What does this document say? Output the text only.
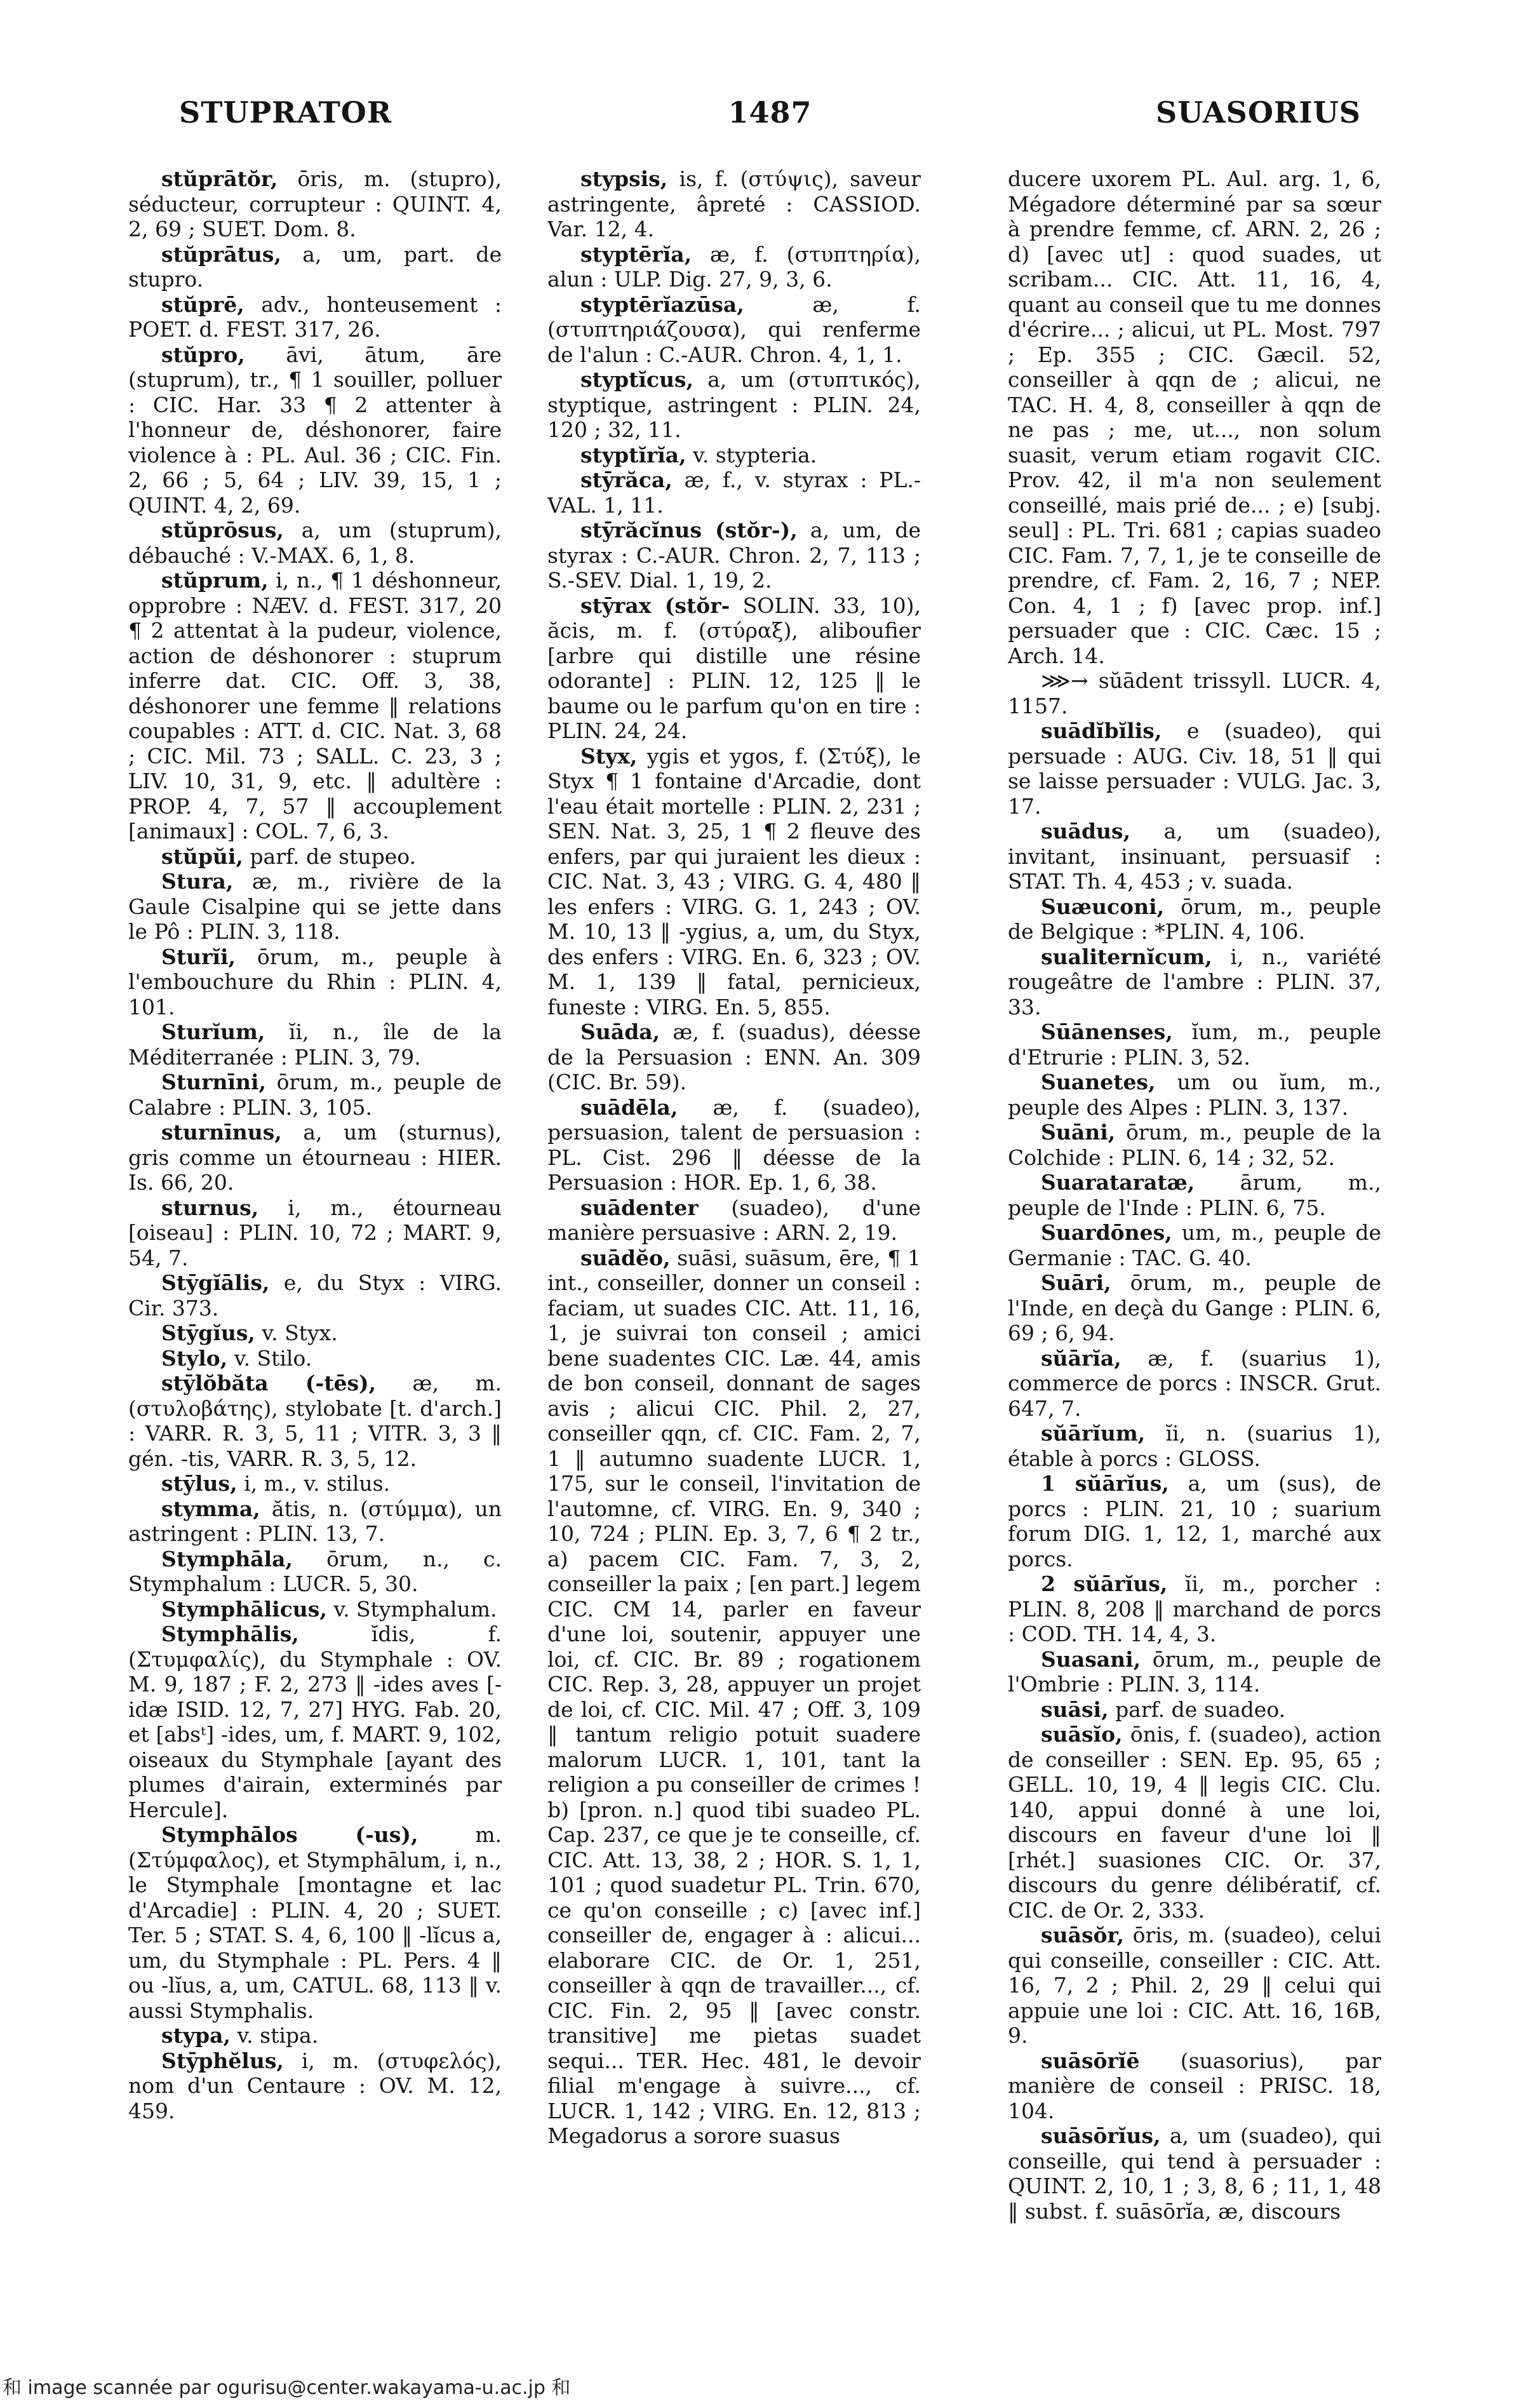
STUPRATOR	1487	SUASORIUS

stŭprātŏr, ōris, m. (stupro), séducteur, corrupteur : QUINT. 4, 2, 69 ; SUET. Dom. 8.

stŭprātus, a, um, part. de stupro.

stŭprē, adv., honteusement : POET. d. FEST. 317, 26.

stŭpro, āvi, ātum, āre (stuprum), tr., ¶ 1 souiller, polluer : CIC. Har. 33 ¶ 2 attenter à l'honneur de, déshonorer, faire violence à : PL. Aul. 36 ; CIC. Fin. 2, 66 ; 5, 64 ; LIV. 39, 15, 1 ; QUINT. 4, 2, 69.

stŭprōsus, a, um (stuprum), débauché : V.-MAX. 6, 1, 8.

stŭprum, i, n., ¶ 1 déshonneur, opprobre : NÆV. d. FEST. 317, 20 ¶ 2 attentat à la pudeur, violence, action de déshonorer : stuprum inferre dat. CIC. Off. 3, 38, déshonorer une femme ‖ relations coupables : ATT. d. CIC. Nat. 3, 68 ; CIC. Mil. 73 ; SALL. C. 23, 3 ; LIV. 10, 31, 9, etc. ‖ adultère : PROP. 4, 7, 57 ‖ accouplement [animaux] : COL. 7, 6, 3.

stŭpŭi, parf. de stupeo.

Stura, æ, m., rivière de la Gaule Cisalpine qui se jette dans le Pô : PLIN. 3, 118.

Sturĭi, ōrum, m., peuple à l'embouchure du Rhin : PLIN. 4, 101.

Sturĭum, ĭi, n., île de la Méditerranée : PLIN. 3, 79.

Sturnīni, ōrum, m., peuple de Calabre : PLIN. 3, 105.

sturnīnus, a, um (sturnus), gris comme un étourneau : HIER. Is. 66, 20.

sturnus, i, m., étourneau [oiseau] : PLIN. 10, 72 ; MART. 9, 54, 7.

Stȳgĭālis, e, du Styx : VIRG. Cir. 373.

Stȳgĭus, v. Styx.

Stylo, v. Stilo.

stȳlŏbăta (-tēs), æ, m. (στυλοβάτης), stylobate [t. d'arch.] : VARR. R. 3, 5, 11 ; VITR. 3, 3 ‖ gén. -tis, VARR. R. 3, 5, 12.

stȳlus, i, m., v. stilus.

stymma, ătis, n. (στύμμα), un astringent : PLIN. 13, 7.

Stymphāla, ōrum, n., c. Stymphalum : LUCR. 5, 30.

Stymphālicus, v. Stymphalum.

Stymphālis,	ĭdis, f. (Στυμφαλίς), du Stymphale : OV. M. 9, 187 ; F. 2, 273 ‖ -ides aves [-idæ ISID. 12, 7, 27] HYG. Fab. 20, et [absᵗ] -ides, um, f. MART. 9, 102, oiseaux du Stymphale [ayant des plumes d'airain, exterminés par Hercule].

Stymphālos (-us),	m. (Στύμφαλος), et Stymphālum, i, n., le Stymphale [montagne et lac d'Arcadie] : PLIN. 4, 20 ; SUET. Ter. 5 ; STAT. S. 4, 6, 100 ‖ -lĭcus a, um, du Stymphale : PL. Pers. 4 ‖ ou -lĭus, a, um, CATUL. 68, 113 ‖ v. aussi Stymphalis.

stypa, v. stipa.

Stȳphĕlus, i, m. (στυφελός), nom d'un Centaure : OV. M. 12, 459.

stypsis, is, f. (στύψις), saveur astringente, âpreté : CASSIOD. Var. 12, 4.

styptērĭa, æ, f. (στυπτηρία), alun : ULP. Dig. 27, 9, 3, 6.

styptērĭazūsa,	æ, f. (στυπτηριάζουσα), qui renferme de l'alun : C.-AUR. Chron. 4, 1, 1.

styptĭcus, a, um (στυπτικός), styptique, astringent : PLIN. 24, 120 ; 32, 11.

styptĭrĭa, v. stypteria.

stȳrăca, æ, f., v. styrax : PL.-VAL. 1, 11.

stȳrăcĭnus (stŏr-), a, um, de styrax : C.-AUR. Chron. 2, 7, 113 ; S.-SEV. Dial. 1, 19, 2.

stȳrax (stŏr- SOLIN. 33, 10), ăcis, m. f. (στύραξ), aliboufier [arbre qui distille une résine odorante] : PLIN. 12, 125 ‖ le baume ou le parfum qu'on en tire : PLIN. 24, 24.

Styx, ygis et ygos, f. (Στύξ), le Styx ¶ 1 fontaine d'Arcadie, dont l'eau était mortelle : PLIN. 2, 231 ; SEN. Nat. 3, 25, 1 ¶ 2 fleuve des enfers, par qui juraient les dieux : CIC. Nat. 3, 43 ; VIRG. G. 4, 480 ‖ les enfers : VIRG. G. 1, 243 ; OV. M. 10, 13 ‖ -ygius, a, um, du Styx, des enfers : VIRG. En. 6, 323 ; OV. M. 1, 139 ‖ fatal, pernicieux, funeste : VIRG. En. 5, 855.

Suāda, æ, f. (suadus), déesse de la Persuasion : ENN. An. 309 (CIC. Br. 59).

suādēla, æ, f. (suadeo), persuasion, talent de persuasion : PL. Cist. 296 ‖ déesse de la Persuasion : HOR. Ep. 1, 6, 38.

suādenter (suadeo), d'une manière persuasive : ARN. 2, 19.

suādĕo, suāsi, suāsum, ēre, ¶ 1 int., conseiller, donner un conseil : faciam, ut suades CIC. Att. 11, 16, 1, je suivrai ton conseil ; amici bene suadentes CIC. Læ. 44, amis de bon conseil, donnant de sages avis ; alicui CIC. Phil. 2, 27, conseiller qqn, cf. CIC. Fam. 2, 7, 1 ‖ autumno suadente LUCR. 1, 175, sur le conseil, l'invitation de l'automne, cf. VIRG. En. 9, 340 ; 10, 724 ; PLIN. Ep. 3, 7, 6 ¶ 2 tr., a) pacem CIC. Fam. 7, 3, 2, conseiller la paix ; [en part.] legem CIC. CM 14, parler en faveur d'une loi, soutenir, appuyer une loi, cf. CIC. Br. 89 ; rogationem CIC. Rep. 3, 28, appuyer un projet de loi, cf. CIC. Mil. 47 ; Off. 3, 109 ‖ tantum religio potuit suadere malorum LUCR. 1, 101, tant la religion a pu conseiller de crimes ! b) [pron. n.] quod tibi suadeo PL. Cap. 237, ce que je te conseille, cf. CIC. Att. 13, 38, 2 ; HOR. S. 1, 1, 101 ; quod suadetur PL. Trin. 670, ce qu'on conseille ; c) [avec inf.] conseiller de, engager à : alicui... elaborare CIC. de Or. 1, 251, conseiller à qqn de travailler..., cf. CIC. Fin. 2, 95 ‖ [avec constr. transitive] me pietas suadet sequi... TER. Hec. 481, le devoir filial m'engage à suivre..., cf. LUCR. 1, 142 ; VIRG. En. 12, 813 ; Megadorus a sorore suasus

ducere uxorem PL. Aul. arg. 1, 6, Mégadore déterminé par sa sœur à prendre femme, cf. ARN. 2, 26 ; d) [avec ut] : quod suades, ut scribam... CIC. Att. 11, 16, 4, quant au conseil que tu me donnes d'écrire... ; alicui, ut PL. Most. 797 ; Ep. 355 ; CIC. Gæcil. 52, conseiller à qqn de ; alicui, ne TAC. H. 4, 8, conseiller à qqn de ne pas ; me, ut..., non solum suasit, verum etiam rogavit CIC. Prov. 42, il m'a non seulement conseillé, mais prié de... ; e) [subj. seul] : PL. Tri. 681 ; capias suadeo CIC. Fam. 7, 7, 1, je te conseille de prendre, cf. Fam. 2, 16, 7 ; NEP. Con. 4, 1 ; f) [avec prop. inf.] persuader que : CIC. Cæc. 15 ; Arch. 14.

⋙→ sŭādent trissyll. LUCR. 4, 1157.

suādĭbĭlis, e (suadeo), qui persuade : AUG. Civ. 18, 51 ‖ qui se laisse persuader : VULG. Jac. 3, 17.

suādus, a, um (suadeo), invitant, insinuant, persuasif : STAT. Th. 4, 453 ; v. suada.

Suæuconi, ōrum, m., peuple de Belgique : *PLIN. 4, 106.

sualiternĭcum, i, n., variété rougeâtre de l'ambre : PLIN. 37, 33.

Sūānenses, ĭum, m., peuple d'Etrurie : PLIN. 3, 52.

Suanetes, um ou ĭum, m., peuple des Alpes : PLIN. 3, 137.

Suāni, ōrum, m., peuple de la Colchide : PLIN. 6, 14 ; 32, 52.

Suarataratæ, ārum, m., peuple de l'Inde : PLIN. 6, 75.

Suardōnes, um, m., peuple de Germanie : TAC. G. 40.

Suāri, ōrum, m., peuple de l'Inde, en deçà du Gange : PLIN. 6, 69 ; 6, 94.

sŭārĭa, æ, f. (suarius 1), commerce de porcs : INSCR. Grut. 647, 7.

sŭārĭum, ĭi, n. (suarius 1), étable à porcs : GLOSS.

1 sŭārĭus, a, um (sus), de porcs : PLIN. 21, 10 ; suarium forum DIG. 1, 12, 1, marché aux porcs.

2 sŭārĭus, ĭi, m., porcher : PLIN. 8, 208 ‖ marchand de porcs : COD. TH. 14, 4, 3.

Suasani, ōrum, m., peuple de l'Ombrie : PLIN. 3, 114.

suāsi, parf. de suadeo.

suāsĭo, ōnis, f. (suadeo), action de conseiller : SEN. Ep. 95, 65 ; GELL. 10, 19, 4 ‖ legis CIC. Clu. 140, appui donné à une loi, discours en faveur d'une loi ‖ [rhét.] suasiones CIC. Or. 37, discours du genre délibératif, cf. CIC. de Or. 2, 333.

suāsŏr, ōris, m. (suadeo), celui qui conseille, conseiller : CIC. Att. 16, 7, 2 ; Phil. 2, 29 ‖ celui qui appuie une loi : CIC. Att. 16, 16B, 9.

suāsōrĭē (suasorius), par manière de conseil : PRISC. 18, 104.

suāsōrĭus, a, um (suadeo), qui conseille, qui tend à persuader : QUINT. 2, 10, 1 ; 3, 8, 6 ; 11, 1, 48 ‖ subst. f. suāsōrĭa, æ, discours

和 image scannée par ogurisu@center.wakayama-u.ac.jp 和
